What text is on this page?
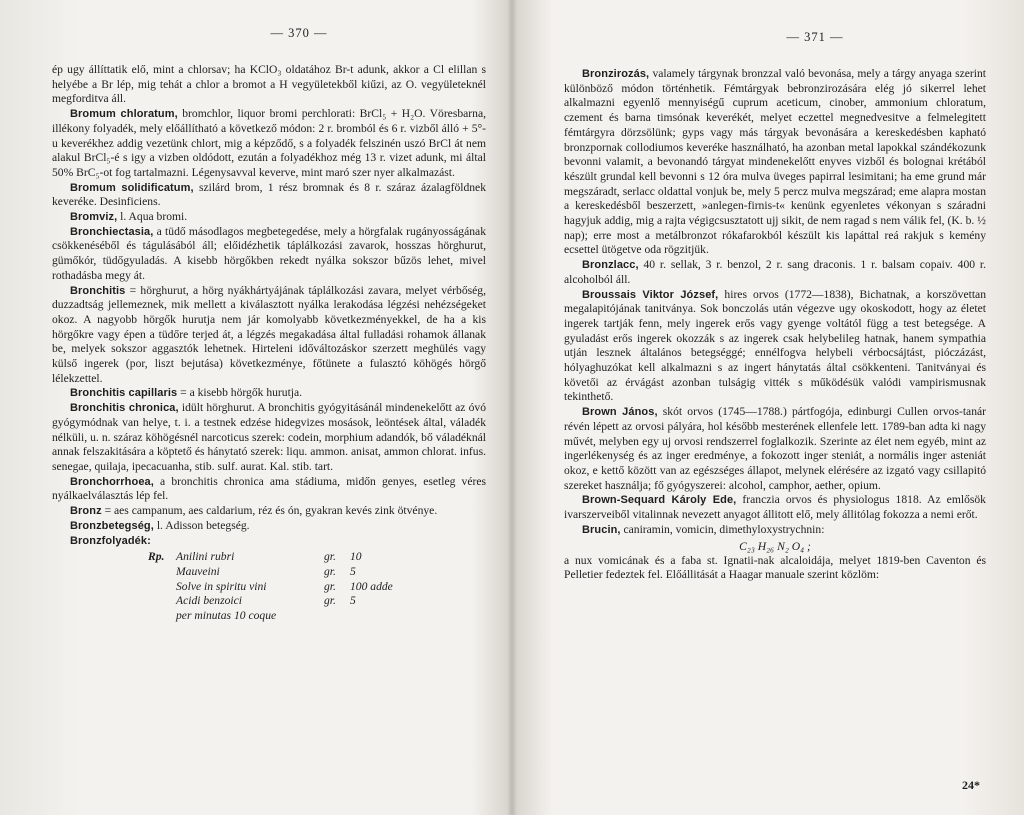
— 370 —

ép ugy állíttatik elő, mint a chlorsav; ha KClO₃ oldatához Br-t adunk, akkor a Cl elillan s helyébe a Br lép, mig tehát a chlor a bromot a H vegyületekből kiűzi, az O. vegyületeknél megforditva áll.

Bromum chloratum, bromchlor, liquor bromi perchlorati: BrCl₅ + H₂O. Vöresbarna, illékony folyadék, mely előállítható a következő módon: 2 r. bromból és 6 r. vizből álló + 5°-u keverékhez addig vezetünk chlort, mig a képződő, s a folyadék felszinén uszó BrCl át nem alakul BrCl₅-é s igy a vizben oldódott, ezután a folyadékhoz még 13 r. vizet adunk, mi által 50% BrC₅-ot fog tartalmazni. Légenysavval keverve, mint maró szer nyer alkalmazást.

Bromum solidificatum, szilárd brom, 1 rész bromnak és 8 r. száraz ázalagföldnek keveréke. Desinficiens.

Bromviz, l. Aqua bromi.

Bronchiectasia, a tüdő másodlagos megbetegedése, mely a hörgfalak rugányosságának csökkenéséből és tágulásából áll; előidézhetik táplálkozási zavarok, hosszas hörghurut, gümőkór, tüdőgyuladás. A kisebb hörgőkben rekedt nyálka sokszor bűzös lehet, mivel rothadásba megy át.

Bronchitis = hörghurut, a hörg nyákhártyájának táplálkozási zavara, melyet vérbőség, duzzadtság jellemeznek, mik mellett a kiválasztott nyálka lerakodása légzési nehézségeket okoz. A nagyobb hörgők hurutja nem jár komolyabb következményekkel, de ha a kis hörgőkre vagy épen a tüdőre terjed át, a légzés megakadása által fulladási rohamok állanak be, melyek sokszor aggasztók lehetnek. Hirteleni időváltozáskor szerzett meghülés vagy külső ingerek (por, liszt bejutása) következménye, főtünete a fulasztó köhögés hörgő lélekzettel.

Bronchitis capillaris = a kisebb hörgők hurutja.

Bronchitis chronica, idült hörghurut. A bronchitis gyógyitásánál mindenekelőtt az óvó gyógymódnak van helye, t. i. a testnek edzése hidegvizes mosások, leöntések által, váladék nélküli, u. n. száraz köhögésnél narcoticus szerek: codein, morphium adandók, bő váladéknál annak felszakitására a köptető és hánytató szerek: liqu. ammon. anisat, ammon chlorat. infus. senegae, quilaja, ipecacuanha, stib. sulf. aurat. Kal. stib. tart.

Bronchorrhoea, a bronchitis chronica ama stádiuma, midőn genyes, esetleg véres nyálkaelválasztás lép fel.

Bronz = aes campanum, aes caldarium, réz és ón, gyakran kevés zink ötvénye.

Bronzbetegség, l. Adisson betegség.

Bronzfolyadék:

Rp. Anilini rubri	gr.	10
Mauveini	gr.	5
Solve in spiritu vini	gr.	100 adde
Acidi benzoici	gr.	5
per minutas 10 coque
— 371 —

Bronzirozás, valamely tárgynak bronzzal való bevonása, mely a tárgy anyaga szerint különböző módon történhetik. Fémtárgyak bebronzirozására elég jó sikerrel lehet alkalmazni egyenlő mennyiségű cuprum aceticum, cinober, ammonium chloratum, czement és barna timsónak keverékét, melyet eczettel megnedvesitve a felmelegitett fémtárgyra dörzsölünk; gyps vagy más tárgyak bevonására a kereskedésben kapható bronzpornak collodiumos keveréke használható, ha azonban metal lapokkal szándékozunk bevonni valamit, a bevonandó tárgyat mindenekelőtt enyves vizből és bolognai krétából készült grundal kell bevonni s 12 óra mulva üveges papirral lesimitani; ha eme grund már megszáradt, serlacc oldattal vonjuk be, mely 5 percz mulva megszárad; eme alapra mostan a kereskedésből beszerzett, »anlegen-firnis-t« kenünk egyenletes vékonyan s száradni hagyjuk addig, mig a rajta végigcsusztatott ujj sikit, de nem ragad s nem válik fel, (K. b. ½ nap); erre most a metálbronzot rókafarokból készült kis lapáttal reá rakjuk s kemény ecsettel ütögetve oda rögzitjük.

Bronzlacc, 40 r. sellak, 3 r. benzol, 2 r. sang draconis. 1 r. balsam copaiv. 400 r. alcoholból áll.

Broussais Viktor József, hires orvos (1772—1838), Bichatnak, a korszövettan megalapitójának tanitványa. Sok bonczolás után végezve ugy okoskodott, hogy az életet ingerek tartják fenn, mely ingerek erős vagy gyenge voltától függ a test betegsége. A gyuladást erős ingerek okozzák s az ingerek csak helybelileg hatnak, hanem sympathia utján lesznek általános betegséggé; ennélfogva helybeli vérbocsájtást, pióczázást, hólyaghuzókat kell alkalmazni s az ingert hánytatás által csökkenteni. Tanitványai és követői az érvágást azonban tulságig vitték s működésük valódi vampirismusnak tekinthető.

Brown János, skót orvos (1745—1788.) pártfogója, edinburgi Cullen orvos-tanár révén lépett az orvosi pályára, hol később mesterének ellenfele lett. 1789-ban adta ki nagy művét, melyben egy uj orvosi rendszerrel foglalkozik. Szerinte az élet nem egyéb, mint az ingerlékenység és az inger eredménye, a fokozott inger steniát, a normális inger asteniát okoz, e kettő között van az egészséges állapot, melynek elérésére az izgató vagy csillapitó szereket használja; fő gyógyszerei: alcohol, camphor, aether, opium.

Brown-Sequard Károly Ede, franczia orvos és physiologus 1818. Az emlősök ivarszerveiből vitalinnak nevezett anyagot állitott elő, mely állitólag fokozza a nemi erőt.

Brucin, caniramin, vomicin, dimethyloxystrychnin:

C₂₃ H₂₆ N₂ O₄ ;

a nux vomicának és a faba st. Ignatii-nak alcaloidája, melyet 1819-ben Caventon és Pelletier fedeztek fel. Előállitását a Haagar manuale szerint közlöm:

24*
